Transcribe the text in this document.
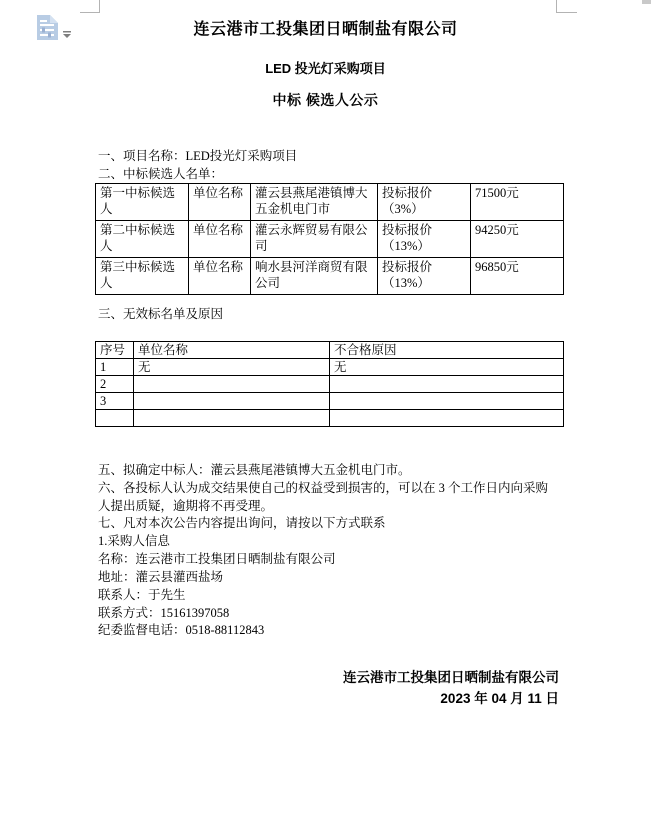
连云港市工投集团日晒制盐有限公司
LED 投光灯采购项目
中标 候选人公示
一、项目名称：LED投光灯采购项目
二、中标候选人名单：
第一中标候选人	单位名称	灌云县燕尾港镇博大五金机电门市	投标报价（3%）	71500元
第二中标候选人	单位名称	灌云永辉贸易有限公司	投标报价（13%）	94250元
第三中标候选人	单位名称	响水县河洋商贸有限公司	投标报价（13%）	96850元
三、无效标名单及原因
序号	单位名称	不合格原因
1	无	无
2		
3		

五、拟确定中标人：灌云县燕尾港镇博大五金机电门市。
六、各投标人认为成交结果使自己的权益受到损害的，可以在 3 个工作日内向采购人提出质疑，逾期将不再受理。
七、凡对本次公告内容提出询问，请按以下方式联系
1.采购人信息
名称：连云港市工投集团日晒制盐有限公司
地址：灌云县灌西盐场
联系人：于先生
联系方式：15161397058
纪委监督电话：0518-88112843
连云港市工投集团日晒制盐有限公司
2023 年 04 月 11 日
